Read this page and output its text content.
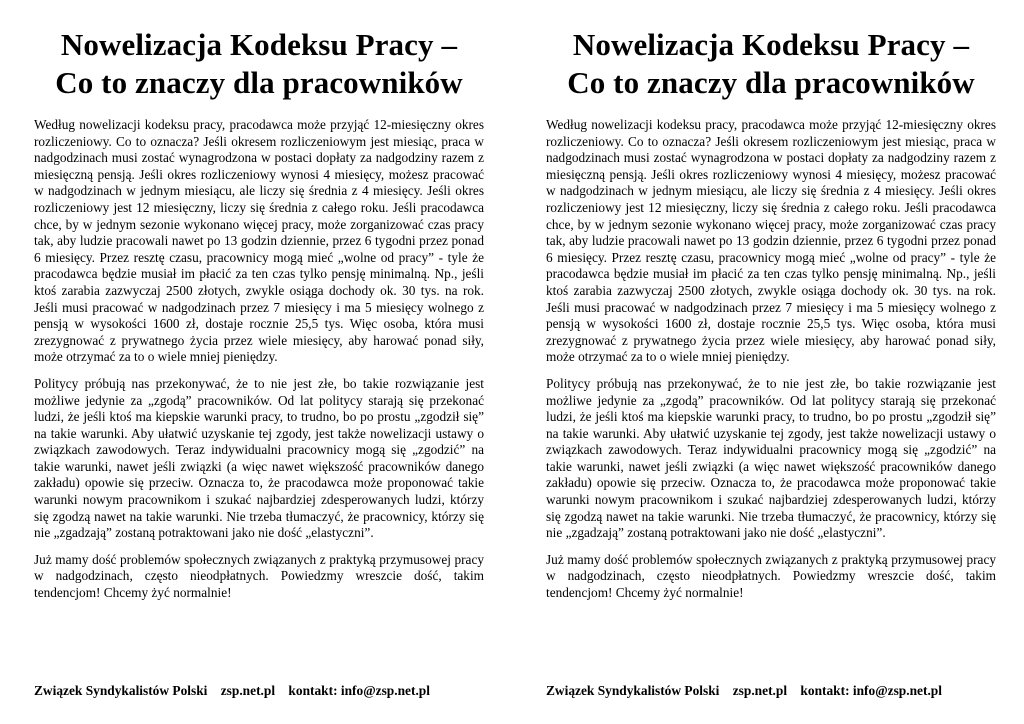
Nowelizacja Kodeksu Pracy –
Co to znaczy dla pracowników

Według nowelizacji kodeksu pracy, pracodawca może przyjąć 12-miesięczny okres rozliczeniowy. Co to oznacza? Jeśli okresem rozliczeniowym jest miesiąc, praca w nadgodzinach musi zostać wynagrodzona w postaci dopłaty za nadgodziny razem z miesięczną pensją. Jeśli okres rozliczeniowy wynosi 4 miesięcy, możesz pracować w nadgodzinach w jednym miesiącu, ale liczy się średnia z 4 miesięcy. Jeśli okres rozliczeniowy jest 12 miesięczny, liczy się średnia z całego roku. Jeśli pracodawca chce, by w jednym sezonie wykonano więcej pracy, może zorganizować czas pracy tak, aby ludzie pracowali nawet po 13 godzin dziennie, przez 6 tygodni przez ponad 6 miesięcy. Przez resztę czasu, pracownicy mogą mieć „wolne od pracy” - tyle że pracodawca będzie musiał im płacić za ten czas tylko pensję minimalną. Np., jeśli ktoś zarabia zazwyczaj 2500 złotych, zwykle osiąga dochody ok. 30 tys. na rok. Jeśli musi pracować w nadgodzinach przez 7 miesięcy i ma 5 miesięcy wolnego z pensją w wysokości 1600 zł, dostaje rocznie 25,5 tys. Więc osoba, która musi zrezygnować z prywatnego życia przez wiele miesięcy, aby harować ponad siły, może otrzymać za to o wiele mniej pieniędzy.

Politycy próbują nas przekonywać, że to nie jest złe, bo takie rozwiązanie jest możliwe jedynie za „zgodą” pracowników. Od lat politycy starają się przekonać ludzi, że jeśli ktoś ma kiepskie warunki pracy, to trudno, bo po prostu „zgodził się” na takie warunki. Aby ułatwić uzyskanie tej zgody, jest także nowelizacji ustawy o związkach zawodowych. Teraz indywidualni pracownicy mogą się „zgodzić” na takie warunki, nawet jeśli związki (a więc nawet większość pracowników danego zakładu) opowie się przeciw. Oznacza to, że pracodawca może proponować takie warunki nowym pracownikom i szukać najbardziej zdesperowanych ludzi, którzy się zgodzą nawet na takie warunki. Nie trzeba tłumaczyć, że pracownicy, którzy się nie „zgadzają” zostaną potraktowani jako nie dość „elastyczni”.

Już mamy dość problemów społecznych związanych z praktyką przymusowej pracy w nadgodzinach, często nieodpłatnych. Powiedzmy wreszcie dość, takim tendencjom! Chcemy żyć normalnie!

Związek Syndykalistów Polski zsp.net.pl kontakt: info@zsp.net.pl
Nowelizacja Kodeksu Pracy –
Co to znaczy dla pracowników

Według nowelizacji kodeksu pracy, pracodawca może przyjąć 12-miesięczny okres rozliczeniowy. Co to oznacza? Jeśli okresem rozliczeniowym jest miesiąc, praca w nadgodzinach musi zostać wynagrodzona w postaci dopłaty za nadgodziny razem z miesięczną pensją. Jeśli okres rozliczeniowy wynosi 4 miesięcy, możesz pracować w nadgodzinach w jednym miesiącu, ale liczy się średnia z 4 miesięcy. Jeśli okres rozliczeniowy jest 12 miesięczny, liczy się średnia z całego roku. Jeśli pracodawca chce, by w jednym sezonie wykonano więcej pracy, może zorganizować czas pracy tak, aby ludzie pracowali nawet po 13 godzin dziennie, przez 6 tygodni przez ponad 6 miesięcy. Przez resztę czasu, pracownicy mogą mieć „wolne od pracy” - tyle że pracodawca będzie musiał im płacić za ten czas tylko pensję minimalną. Np., jeśli ktoś zarabia zazwyczaj 2500 złotych, zwykle osiąga dochody ok. 30 tys. na rok. Jeśli musi pracować w nadgodzinach przez 7 miesięcy i ma 5 miesięcy wolnego z pensją w wysokości 1600 zł, dostaje rocznie 25,5 tys. Więc osoba, która musi zrezygnować z prywatnego życia przez wiele miesięcy, aby harować ponad siły, może otrzymać za to o wiele mniej pieniędzy.

Politycy próbują nas przekonywać, że to nie jest złe, bo takie rozwiązanie jest możliwe jedynie za „zgodą” pracowników. Od lat politycy starają się przekonać ludzi, że jeśli ktoś ma kiepskie warunki pracy, to trudno, bo po prostu „zgodził się” na takie warunki. Aby ułatwić uzyskanie tej zgody, jest także nowelizacji ustawy o związkach zawodowych. Teraz indywidualni pracownicy mogą się „zgodzić” na takie warunki, nawet jeśli związki (a więc nawet większość pracowników danego zakładu) opowie się przeciw. Oznacza to, że pracodawca może proponować takie warunki nowym pracownikom i szukać najbardziej zdesperowanych ludzi, którzy się zgodzą nawet na takie warunki. Nie trzeba tłumaczyć, że pracownicy, którzy się nie „zgadzają” zostaną potraktowani jako nie dość „elastyczni”.

Już mamy dość problemów społecznych związanych z praktyką przymusowej pracy w nadgodzinach, często nieodpłatnych. Powiedzmy wreszcie dość, takim tendencjom! Chcemy żyć normalnie!

Związek Syndykalistów Polski zsp.net.pl kontakt: info@zsp.net.pl
